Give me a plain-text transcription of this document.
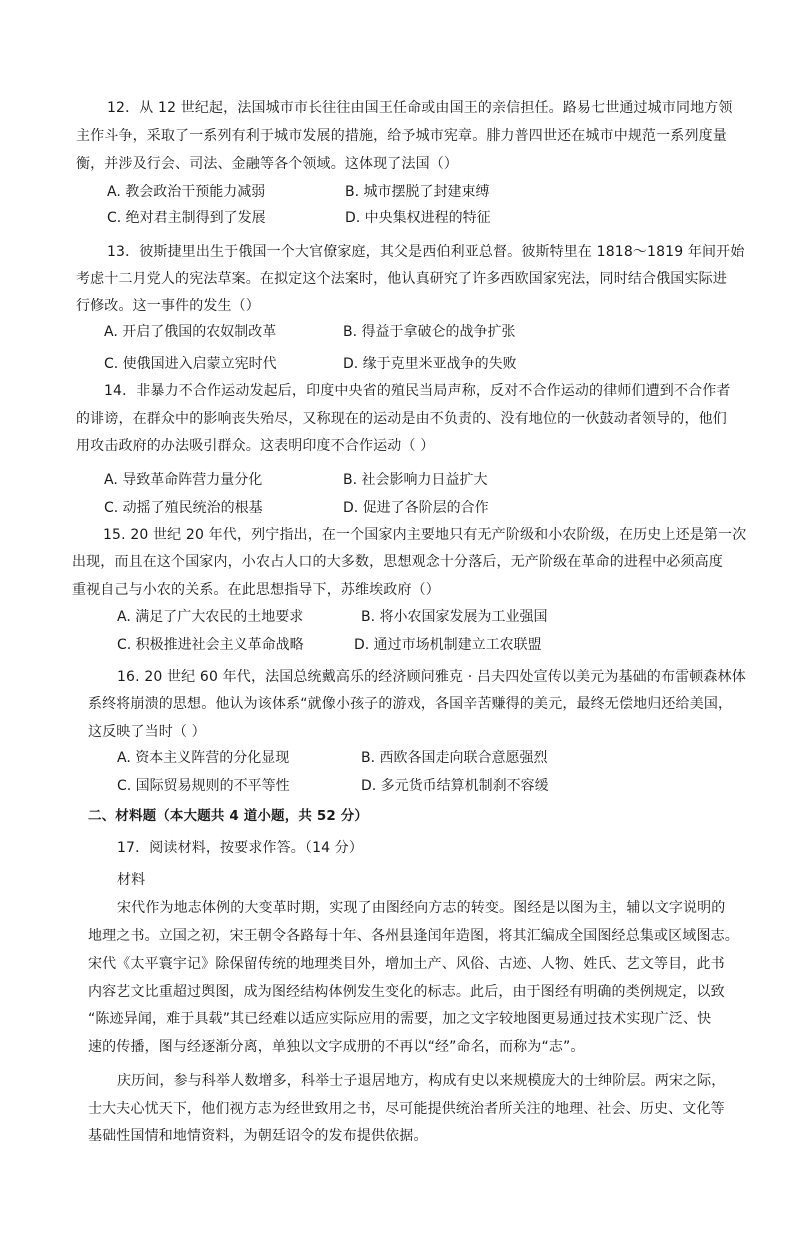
12．从 12 世纪起，法国城市市长往往由国王任命或由国王的亲信担任。路易七世通过城市同地方领

主作斗争，采取了一系列有利于城市发展的措施，给予城市宪章。腓力普四世还在城市中规范一系列度量

衡，并涉及行会、司法、金融等各个领域。这体现了法国（）

A. 教会政治干预能力减弱	B. 城市摆脱了封建束缚

C. 绝对君主制得到了发展	D. 中央集权进程的特征

13．彼斯捷里出生于俄国一个大官僚家庭，其父是西伯利亚总督。彼斯特里在 1818～1819 年间开始

考虑十二月党人的宪法草案。在拟定这个法案时，他认真研究了许多西欧国家宪法，同时结合俄国实际进

行修改。这一事件的发生（）

A. 开启了俄国的农奴制改革	B. 得益于拿破仑的战争扩张

C. 使俄国进入启蒙立宪时代	D. 缘于克里米亚战争的失败

14．非暴力不合作运动发起后，印度中央省的殖民当局声称，反对不合作运动的律师们遭到不合作者

的诽谤，在群众中的影响丧失殆尽，又称现在的运动是由不负责的、没有地位的一伙鼓动者领导的，他们

用攻击政府的办法吸引群众。这表明印度不合作运动（ ）

A. 导致革命阵营力量分化	B. 社会影响力日益扩大

C. 动摇了殖民统治的根基	D. 促进了各阶层的合作

15. 20 世纪 20 年代，列宁指出，在一个国家内主要地只有无产阶级和小农阶级，在历史上还是第一次

出现，而且在这个国家内，小农占人口的大多数，思想观念十分落后，无产阶级在革命的进程中必须高度

重视自己与小农的关系。在此思想指导下，苏维埃政府（）

A. 满足了广大农民的土地要求	B. 将小农国家发展为工业强国

C. 积极推进社会主义革命战略	D. 通过市场机制建立工农联盟

16. 20 世纪 60 年代，法国总统戴高乐的经济顾问雅克 · 吕夫四处宣传以美元为基础的布雷顿森林体

系终将崩溃的思想。他认为该体系“就像小孩子的游戏，各国辛苦赚得的美元，最终无偿地归还给美国，

这反映了当时（ ）

A. 资本主义阵营的分化显现	B. 西欧各国走向联合意愿强烈

C. 国际贸易规则的不平等性	D. 多元货币结算机制刹不容缓

二、材料题（本大题共 4 道小题，共 52 分）

17．阅读材料，按要求作答。（14 分）

材料

宋代作为地志体例的大变革时期，实现了由图经向方志的转变。图经是以图为主，辅以文字说明的

地理之书。立国之初，宋王朝令各路每十年、各州县逢闰年造图，将其汇编成全国图经总集或区域图志。

宋代《太平寰宇记》除保留传统的地理类目外，增加土产、风俗、古迹、人物、姓氏、艺文等目，此书

内容艺文比重超过舆图，成为图经结构体例发生变化的标志。此后，由于图经有明确的类例规定，以致

“陈迹异闻，难于具载”其已经难以适应实际应用的需要，加之文字较地图更易通过技术实现广泛、快

速的传播，图与经逐渐分离，单独以文字成册的不再以“经”命名，而称为“志”。

庆历间，参与科举人数增多，科举士子退居地方，构成有史以来规模庞大的士绅阶层。两宋之际，

士大夫心忧天下，他们视方志为经世致用之书，尽可能提供统治者所关注的地理、社会、历史、文化等

基础性国情和地情资料，为朝廷诏令的发布提供依据。
